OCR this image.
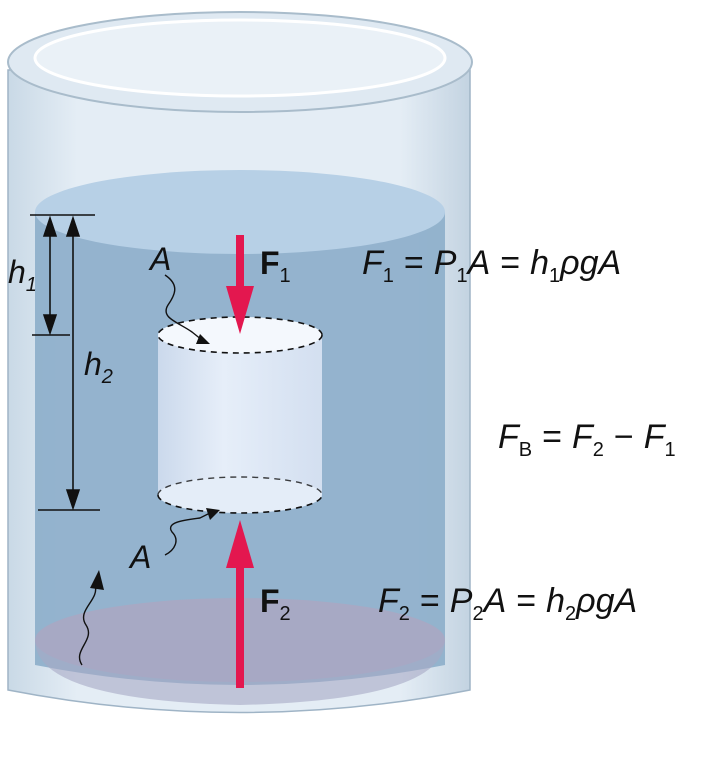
$h_1$
$h_2$
A
A
$F_1$
$F_2$
$F_1 = P_1A = h_1\rho gA$
$F_B = F_2 - F_1$
$F_2 = P_2A = h_2\rho gA$
